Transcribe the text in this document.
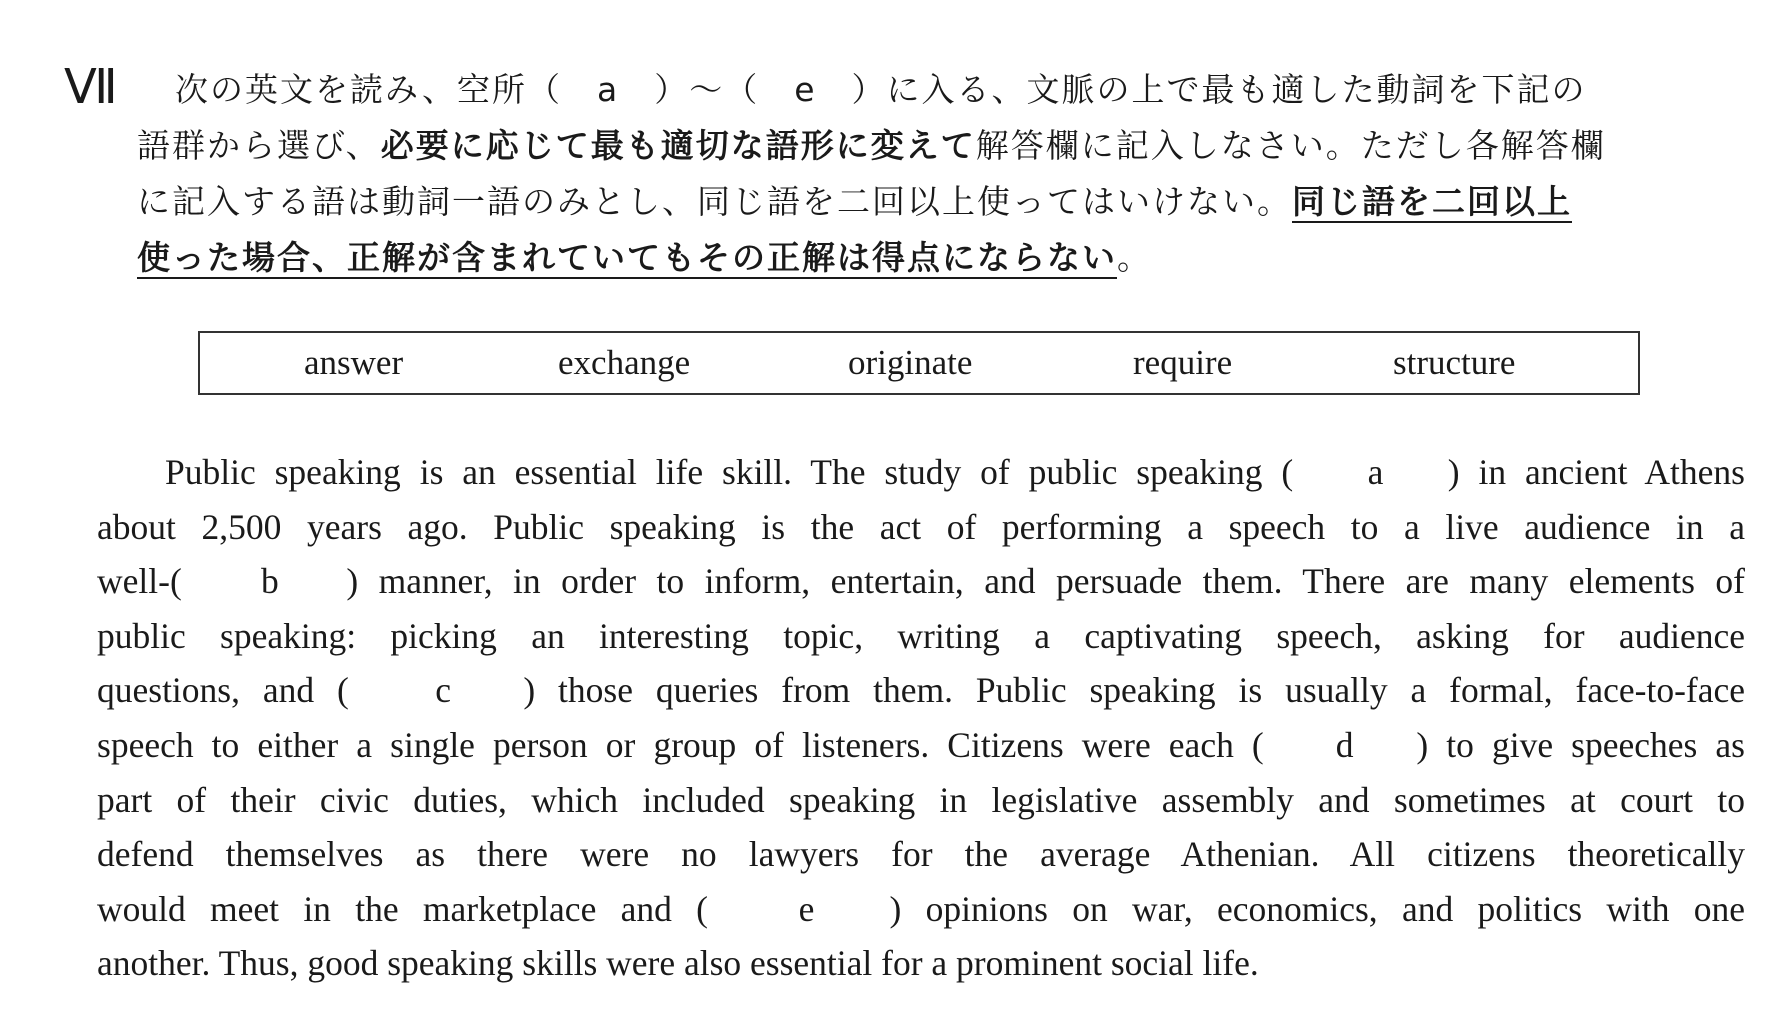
Ⅶ	次の英文を読み、空所（　a　）～（　e　）に入る、文脈の上で最も適した動詞を下記の
語群から選び、必要に応じて最も適切な語形に変えて解答欄に記入しなさい。ただし各解答欄
に記入する語は動詞一語のみとし、同じ語を二回以上使ってはいけない。同じ語を二回以上
使った場合、正解が含まれていてもその正解は得点にならない。
answer	exchange	originate	require	structure
Public speaking is an essential life skill. The study of public speaking (　 a 　) in ancient Athens
about 2,500 years ago. Public speaking is the act of performing a speech to a live audience in a
well-(　 b 　) manner, in order to inform, entertain, and persuade them. There are many elements of
public speaking: picking an interesting topic, writing a captivating speech, asking for audience
questions, and (　 c 　) those queries from them. Public speaking is usually a formal, face-to-face
speech to either a single person or group of listeners. Citizens were each (　 d 　) to give speeches as
part of their civic duties, which included speaking in legislative assembly and sometimes at court to
defend themselves as there were no lawyers for the average Athenian. All citizens theoretically
would meet in the marketplace and (　 e 　) opinions on war, economics, and politics with one
another. Thus, good speaking skills were also essential for a prominent social life.
